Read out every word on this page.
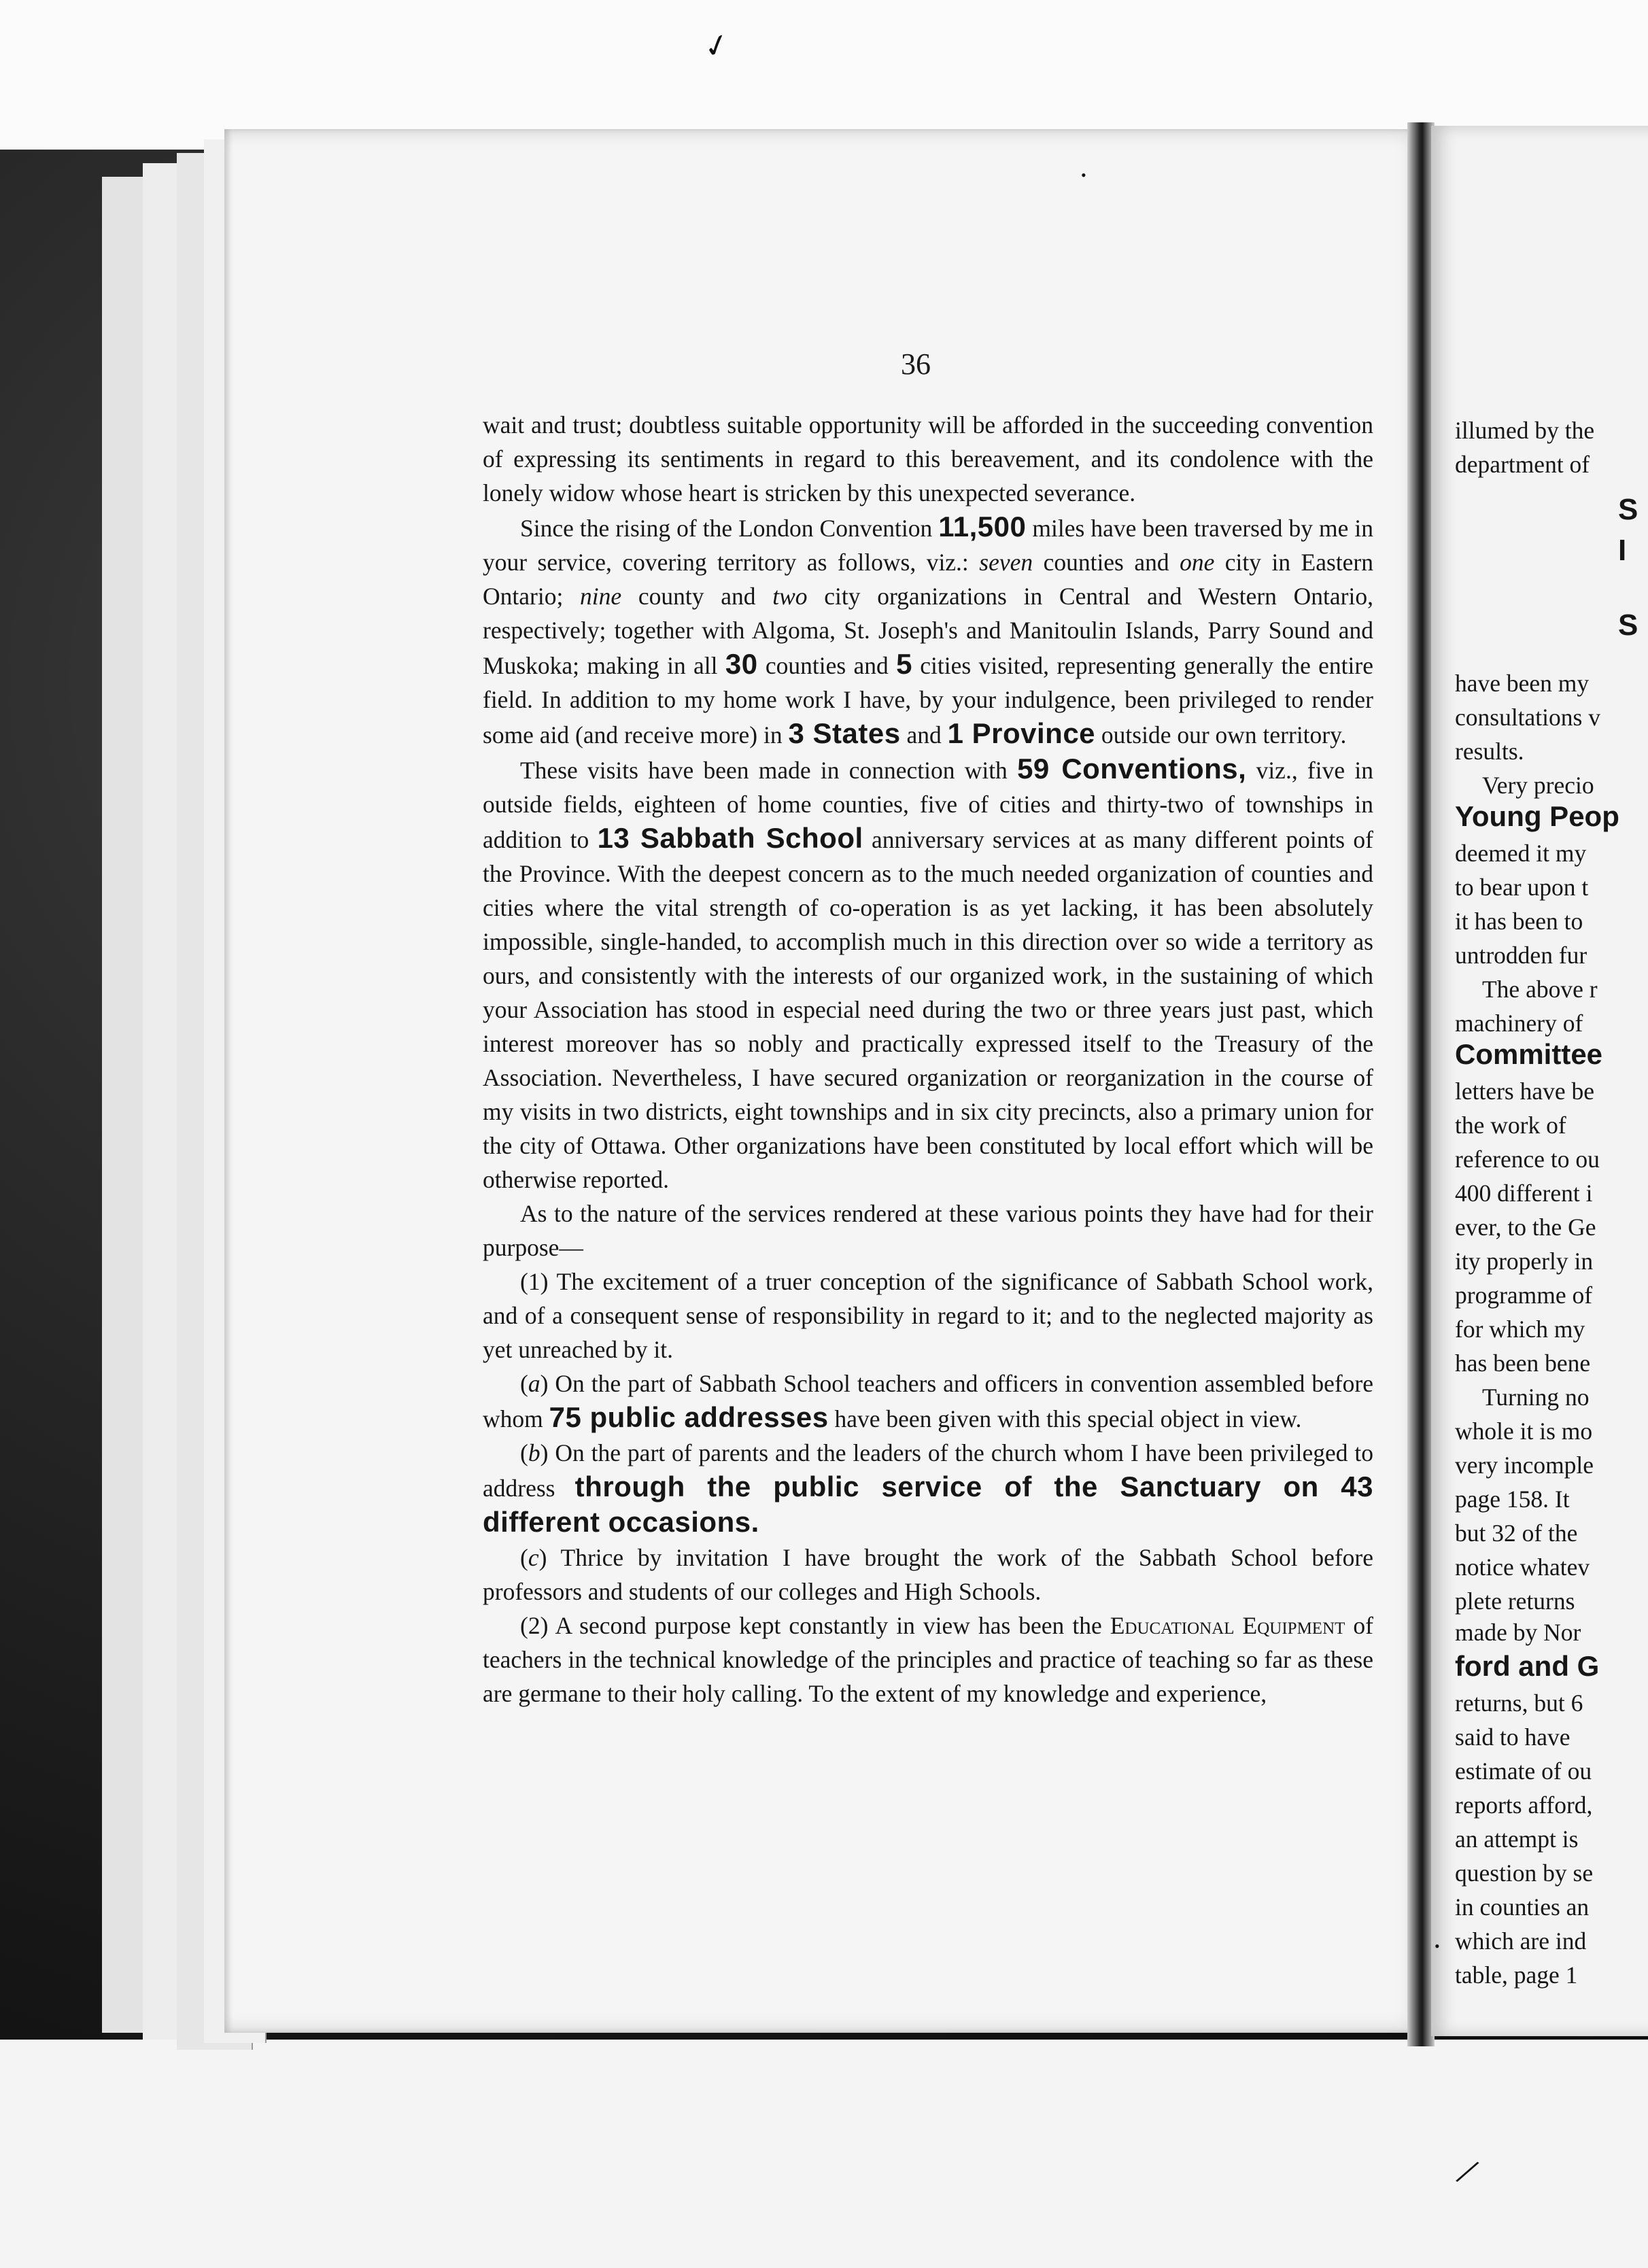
illumed by the
department of
have been my
consultations v
results.
Very precio
Young Peop
deemed it my
to bear upon t
it has been to
untrodden fur
The above r
machinery of
Committee
letters have be
the work of
reference to ou
400 different i
ever, to the Ge
ity properly in
programme of
for which my
has been bene
Turning no
whole it is mo
very incomple
page 158. It
but 32 of the
notice whatev
plete returns
made by Nor
ford and G
returns, but 6
said to have
estimate of ou
reports afford,
an attempt is
question by se
in counties an
which are ind
table, page 1
S
I
S
36

wait and trust; doubtless suitable opportunity will be afforded in the succeeding convention of expressing its sentiments in regard to this bereavement, and its condolence with the lonely widow whose heart is stricken by this unexpected severance.

Since the rising of the London Convention 11,500 miles have been traversed by me in your service, covering territory as follows, viz.: seven counties and one city in Eastern Ontario; nine county and two city organizations in Central and Western Ontario, respectively; together with Algoma, St. Joseph's and Manitoulin Islands, Parry Sound and Muskoka; making in all 30 counties and 5 cities visited, representing generally the entire field. In addition to my home work I have, by your indulgence, been privileged to render some aid (and receive more) in 3 States and 1 Province outside our own territory.

These visits have been made in connection with 59 Conventions, viz., five in outside fields, eighteen of home counties, five of cities and thirty-two of townships in addition to 13 Sabbath School anniversary services at as many different points of the Province. With the deepest concern as to the much needed organization of counties and cities where the vital strength of co-operation is as yet lacking, it has been absolutely impossible, single-handed, to accomplish much in this direction over so wide a territory as ours, and consistently with the interests of our organized work, in the sustaining of which your Association has stood in especial need during the two or three years just past, which interest moreover has so nobly and practically expressed itself to the Treasury of the Association. Nevertheless, I have secured organization or reorganization in the course of my visits in two districts, eight townships and in six city precincts, also a primary union for the city of Ottawa. Other organizations have been constituted by local effort which will be otherwise reported.

As to the nature of the services rendered at these various points they have had for their purpose—

(1) The excitement of a truer conception of the significance of Sabbath School work, and of a consequent sense of responsibility in regard to it; and to the neglected majority as yet unreached by it.

(a) On the part of Sabbath School teachers and officers in convention assembled before whom 75 public addresses have been given with this special object in view.

(b) On the part of parents and the leaders of the church whom I have been privileged to address through the public service of the Sanctuary on 43 different occasions.

(c) Thrice by invitation I have brought the work of the Sabbath School before professors and students of our colleges and High Schools.

(2) A second purpose kept constantly in view has been the Educational Equipment of teachers in the technical knowledge of the principles and practice of teaching so far as these are germane to their holy calling. To the extent of my knowledge and experience,

✓
•
/
•
